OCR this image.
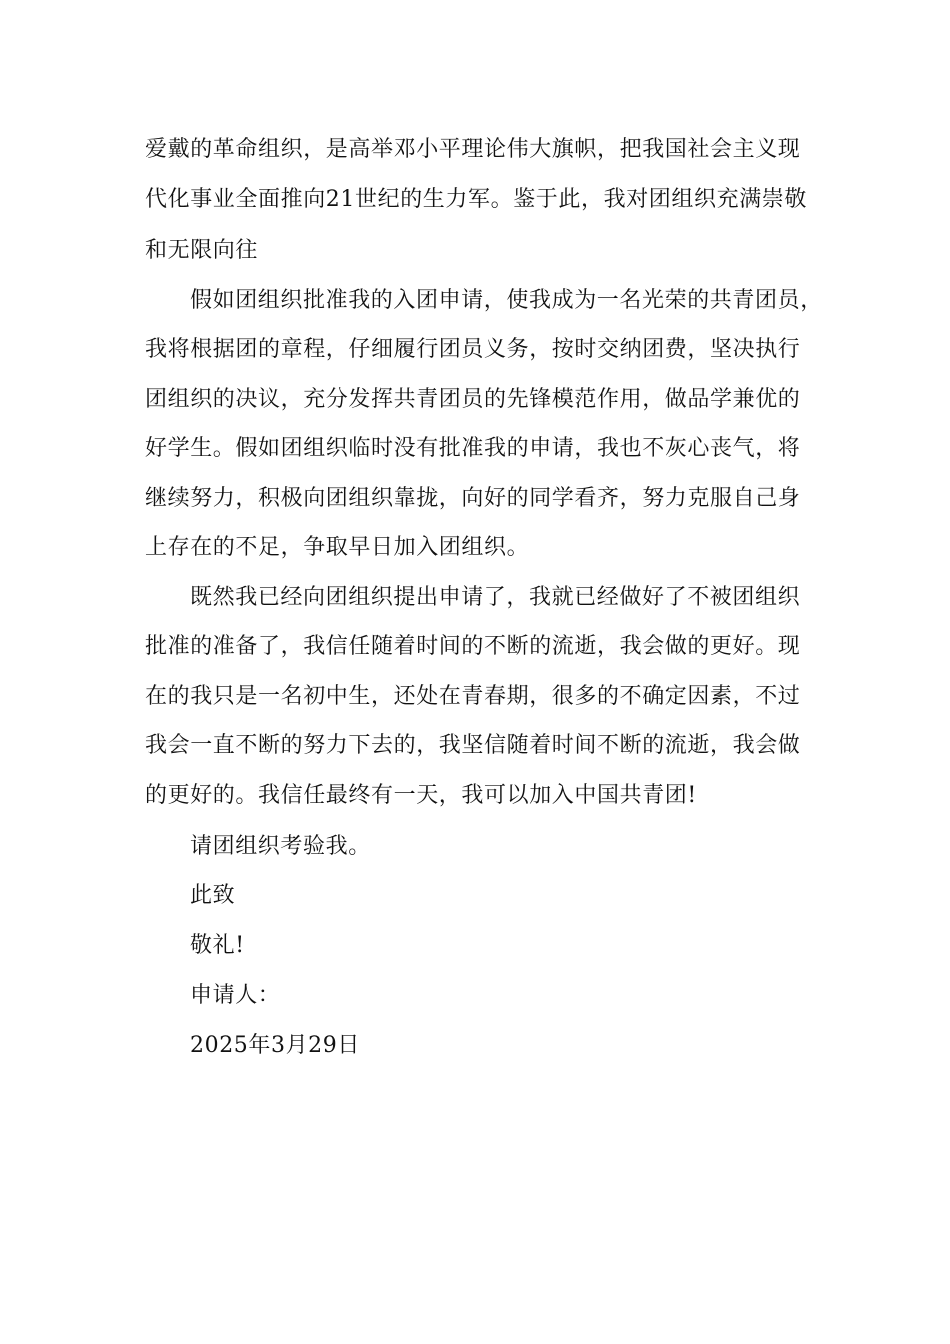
爱戴的革命组织，是高举邓小平理论伟大旗帜，把我国社会主义现
代化事业全面推向21世纪的生力军。鉴于此，我对团组织充满崇敬
和无限向往
假如团组织批准我的入团申请，使我成为一名光荣的共青团员，
我将根据团的章程，仔细履行团员义务，按时交纳团费，坚决执行
团组织的决议，充分发挥共青团员的先锋模范作用，做品学兼优的
好学生。假如团组织临时没有批准我的申请，我也不灰心丧气，将
继续努力，积极向团组织靠拢，向好的同学看齐，努力克服自己身
上存在的不足，争取早日加入团组织。
既然我已经向团组织提出申请了，我就已经做好了不被团组织
批准的准备了，我信任随着时间的不断的流逝，我会做的更好。现
在的我只是一名初中生，还处在青春期，很多的不确定因素，不过
我会一直不断的努力下去的，我坚信随着时间不断的流逝，我会做
的更好的。我信任最终有一天，我可以加入中国共青团!
请团组织考验我。
此致
敬礼!
申请人：
2025年3月29日
